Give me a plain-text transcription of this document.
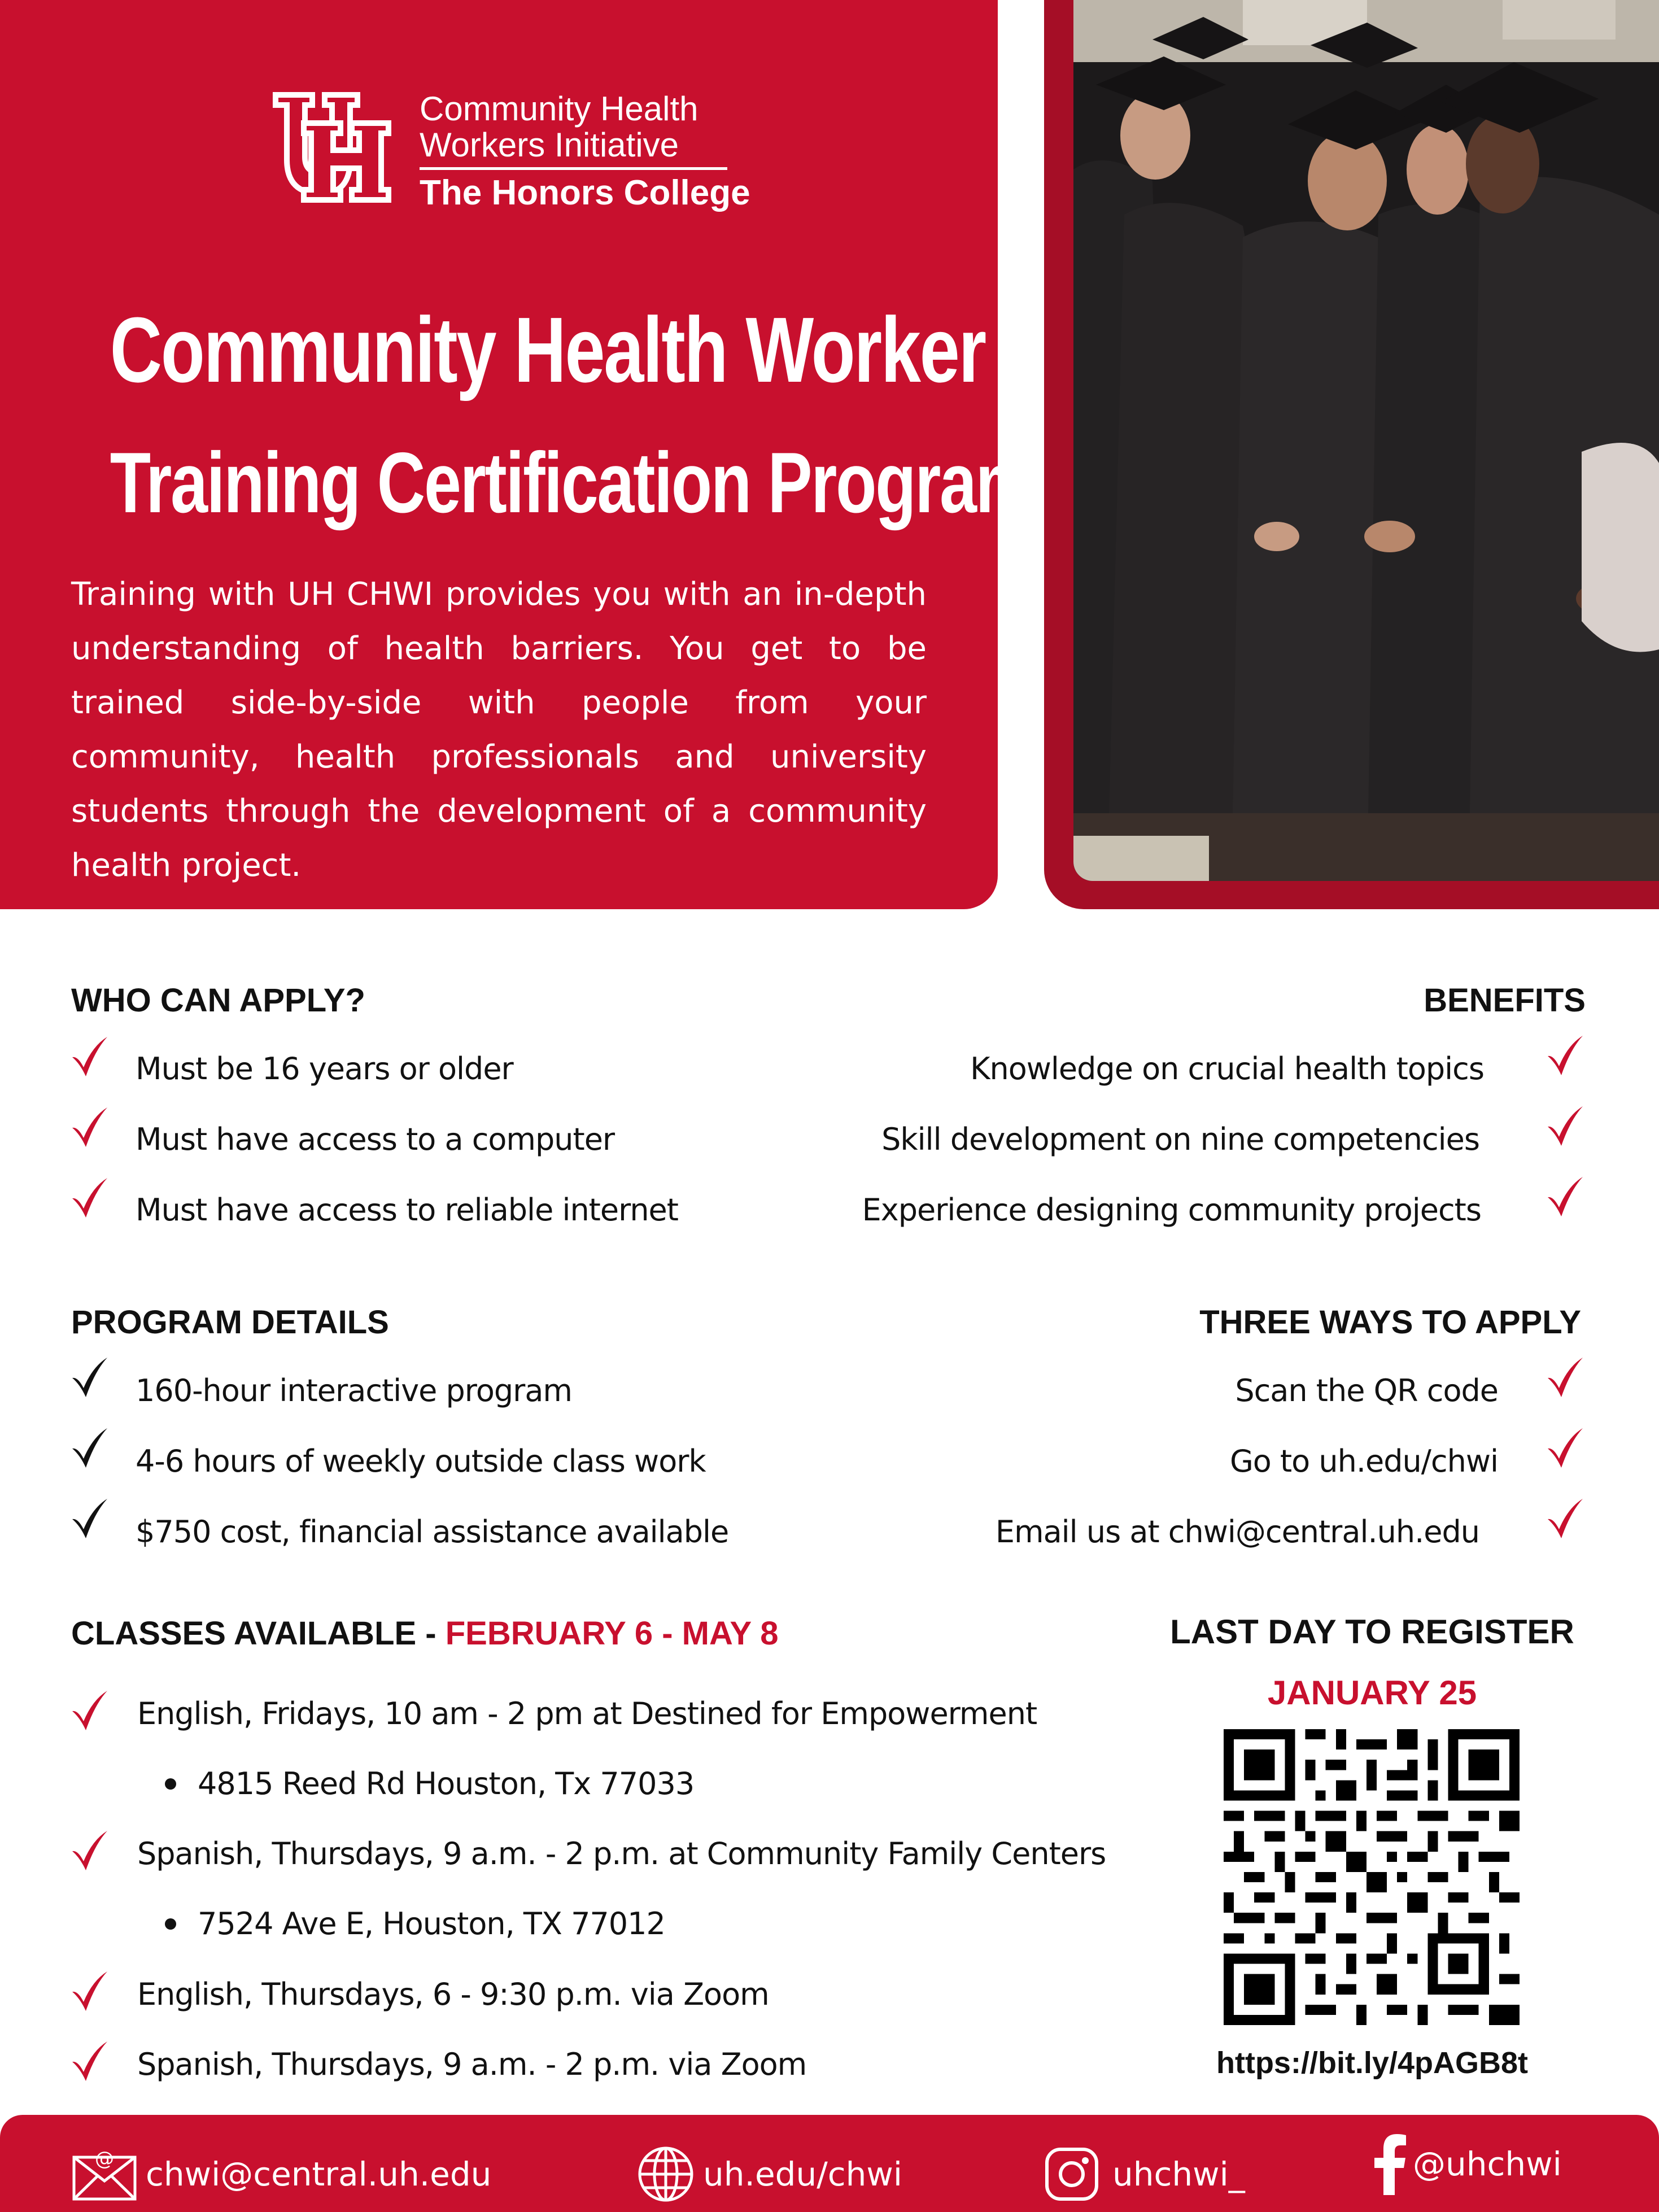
Community Health
Workers Initiative
The Honors College
Community Health Worker
Training Certification Program
Training with UH CHWI provides you with an in-depth understanding of health barriers. You get to be trained side-by-side with people from your community, health professionals and university students through the development of a community health project.
WHO CAN APPLY?
Must be 16 years or older
Must have access to a computer
Must have access to reliable internet
BENEFITS
Knowledge on crucial health topics
Skill development on nine competencies
Experience designing community projects
PROGRAM DETAILS
160-hour interactive program
4-6 hours of weekly outside class work
$750 cost, financial assistance available
THREE WAYS TO APPLY
Scan the QR code
Go to uh.edu/chwi
Email us at chwi@central.uh.edu
CLASSES AVAILABLE - FEBRUARY 6 - MAY 8
English, Fridays, 10 am - 2 pm at Destined for Empowerment
4815 Reed Rd Houston, Tx 77033
Spanish, Thursdays, 9 a.m. - 2 p.m. at Community Family Centers
7524 Ave E, Houston, TX 77012
English, Thursdays, 6 - 9:30 p.m. via Zoom
Spanish, Thursdays, 9 a.m. - 2 p.m. via Zoom
LAST DAY TO REGISTER
JANUARY 25
https://bit.ly/4pAGB8t
@ chwi@central.uh.edu	uh.edu/chwi	uhchwi_	@uhchwi
